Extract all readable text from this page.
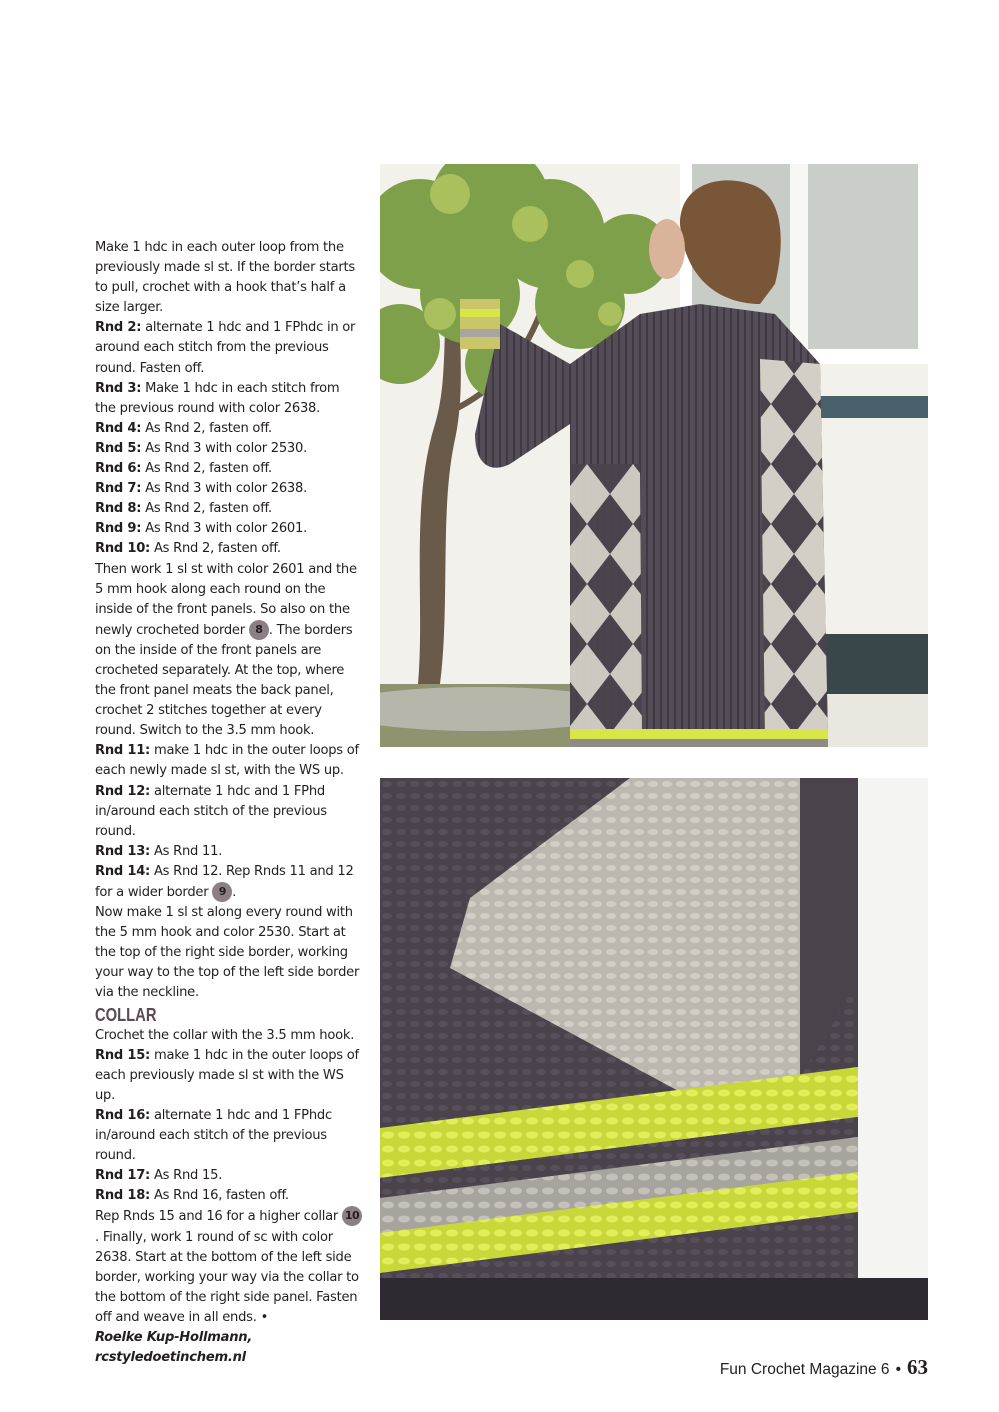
Make 1 hdc in each outer loop from the previously made sl st. If the border starts to pull, crochet with a hook that’s half a size larger.

Rnd 2: alternate 1 hdc and 1 FPhdc in or around each stitch from the previous round. Fasten off.

Rnd 3: Make 1 hdc in each stitch from the previous round with color 2638.

Rnd 4: As Rnd 2, fasten off.

Rnd 5: As Rnd 3 with color 2530.

Rnd 6: As Rnd 2, fasten off.

Rnd 7: As Rnd 3 with color 2638.

Rnd 8: As Rnd 2, fasten off.

Rnd 9: As Rnd 3 with color 2601.

Rnd 10: As Rnd 2, fasten off.

Then work 1 sl st with color 2601 and the 5 mm hook along each round on the inside of the front panels. So also on the newly crocheted border 8 . The borders on the inside of the front panels are crocheted separately. At the top, where the front panel meats the back panel, crochet 2 stitches together at every round. Switch to the 3.5 mm hook.

Rnd 11: make 1 hdc in the outer loops of each newly made sl st, with the WS up.

Rnd 12: alternate 1 hdc and 1 FPhd in/around each stitch of the previous round.

Rnd 13: As Rnd 11.

Rnd 14: As Rnd 12. Rep Rnds 11 and 12 for a wider border 9 .

Now make 1 sl st along every round with the 5 mm hook and color 2530. Start at the top of the right side border, working your way to the top of the left side border via the neckline.

COLLAR

Crochet the collar with the 3.5 mm hook.

Rnd 15: make 1 hdc in the outer loops of each previously made sl st with the WS up.

Rnd 16: alternate 1 hdc and 1 FPhdc in/around each stitch of the previous round.

Rnd 17: As Rnd 15.

Rnd 18: As Rnd 16, fasten off.

Rep Rnds 15 and 16 for a higher collar 10

. Finally, work 1 round of sc with color 2638. Start at the bottom of the left side border, working your way via the collar to the bottom of the right side panel. Fasten off and weave in all ends. •

Roelke Kup-Hollmann,

rcstyledoetinchem.nl

Fun Crochet Magazine 6 • 63
